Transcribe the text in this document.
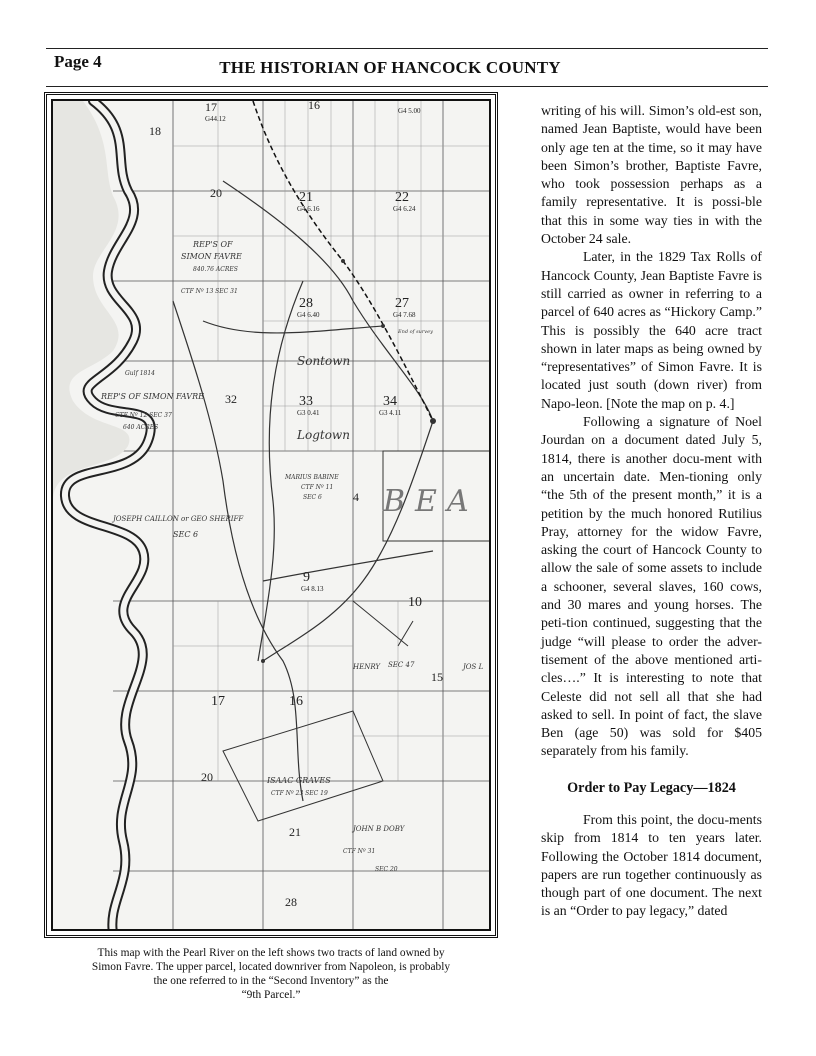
Page 4	THE HISTORIAN OF HANCOCK COUNTY
17	16
18
20	21	22
28	27
32	33	34
9
10
15
16
17
20
21
28
4
G44.12
G4 5.00
G4 6.16	G4 6.24
G4 6.40	G4 7.68
G3 0.41	G3 4.11
G4 8.13
REP'S OF
SIMON FAVRE
840.76 ACRES
CTF Nº 13 SEC 31
Gulf 1814
REP'S OF SIMON FAVRE
CTF Nº 12 SEC 37
640 ACRES
Sontown
Logtown
BEA
JOSEPH CAILLON or GEO SHERIFF
SEC 6
MARIUS BABINE
CTF Nº 11
SEC 6
HENRY SEC 47
ISAAC GRAVES
CTF Nº 23 SEC 19
JOHN B DOBY
CTF Nº 31
SEC 20
JOS L
End of survey
This map with the Pearl River on the left shows two tracts of land owned by
Simon Favre. The upper parcel, located downriver from Napoleon, is probably
the one referred to in the “Second Inventory” as the
“9th Parcel.”

writing of his will. Simon’s old-est son, named Jean Baptiste, would have been only age ten at the time, so it may have been Simon’s brother, Baptiste Favre, who took possession perhaps as a family representative. It is possi-ble that this in some way ties in with the October 24 sale.

Later, in the 1829 Tax Rolls of Hancock County, Jean Baptiste Favre is still carried as owner in referring to a parcel of 640 acres as “Hickory Camp.” This is possibly the 640 acre tract shown in later maps as being owned by “representatives” of Simon Favre. It is located just south (down river) from Napo-leon. [Note the map on p. 4.]

Following a signature of Noel Jourdan on a document dated July 5, 1814, there is another docu-ment with an uncertain date. Men-tioning only “the 5th of the present month,” it is a petition by the much honored Rutilius Pray, attorney for the widow Favre, asking the court of Hancock County to allow the sale of some assets to include a schooner, several slaves, 160 cows, and 30 mares and young horses. The peti-tion continued, suggesting that the judge “will please to order the adver-tisement of the above mentioned arti-cles….” It is interesting to note that Celeste did not sell all that she had asked to sell. In point of fact, the slave Ben (age 50) was sold for $405 separately from his family.

Order to Pay Legacy—1824

From this point, the docu-ments skip from 1814 to ten years later. Following the October 1814 document, papers are run together continuously as though part of one document. The next is an “Order to pay legacy,” dated
